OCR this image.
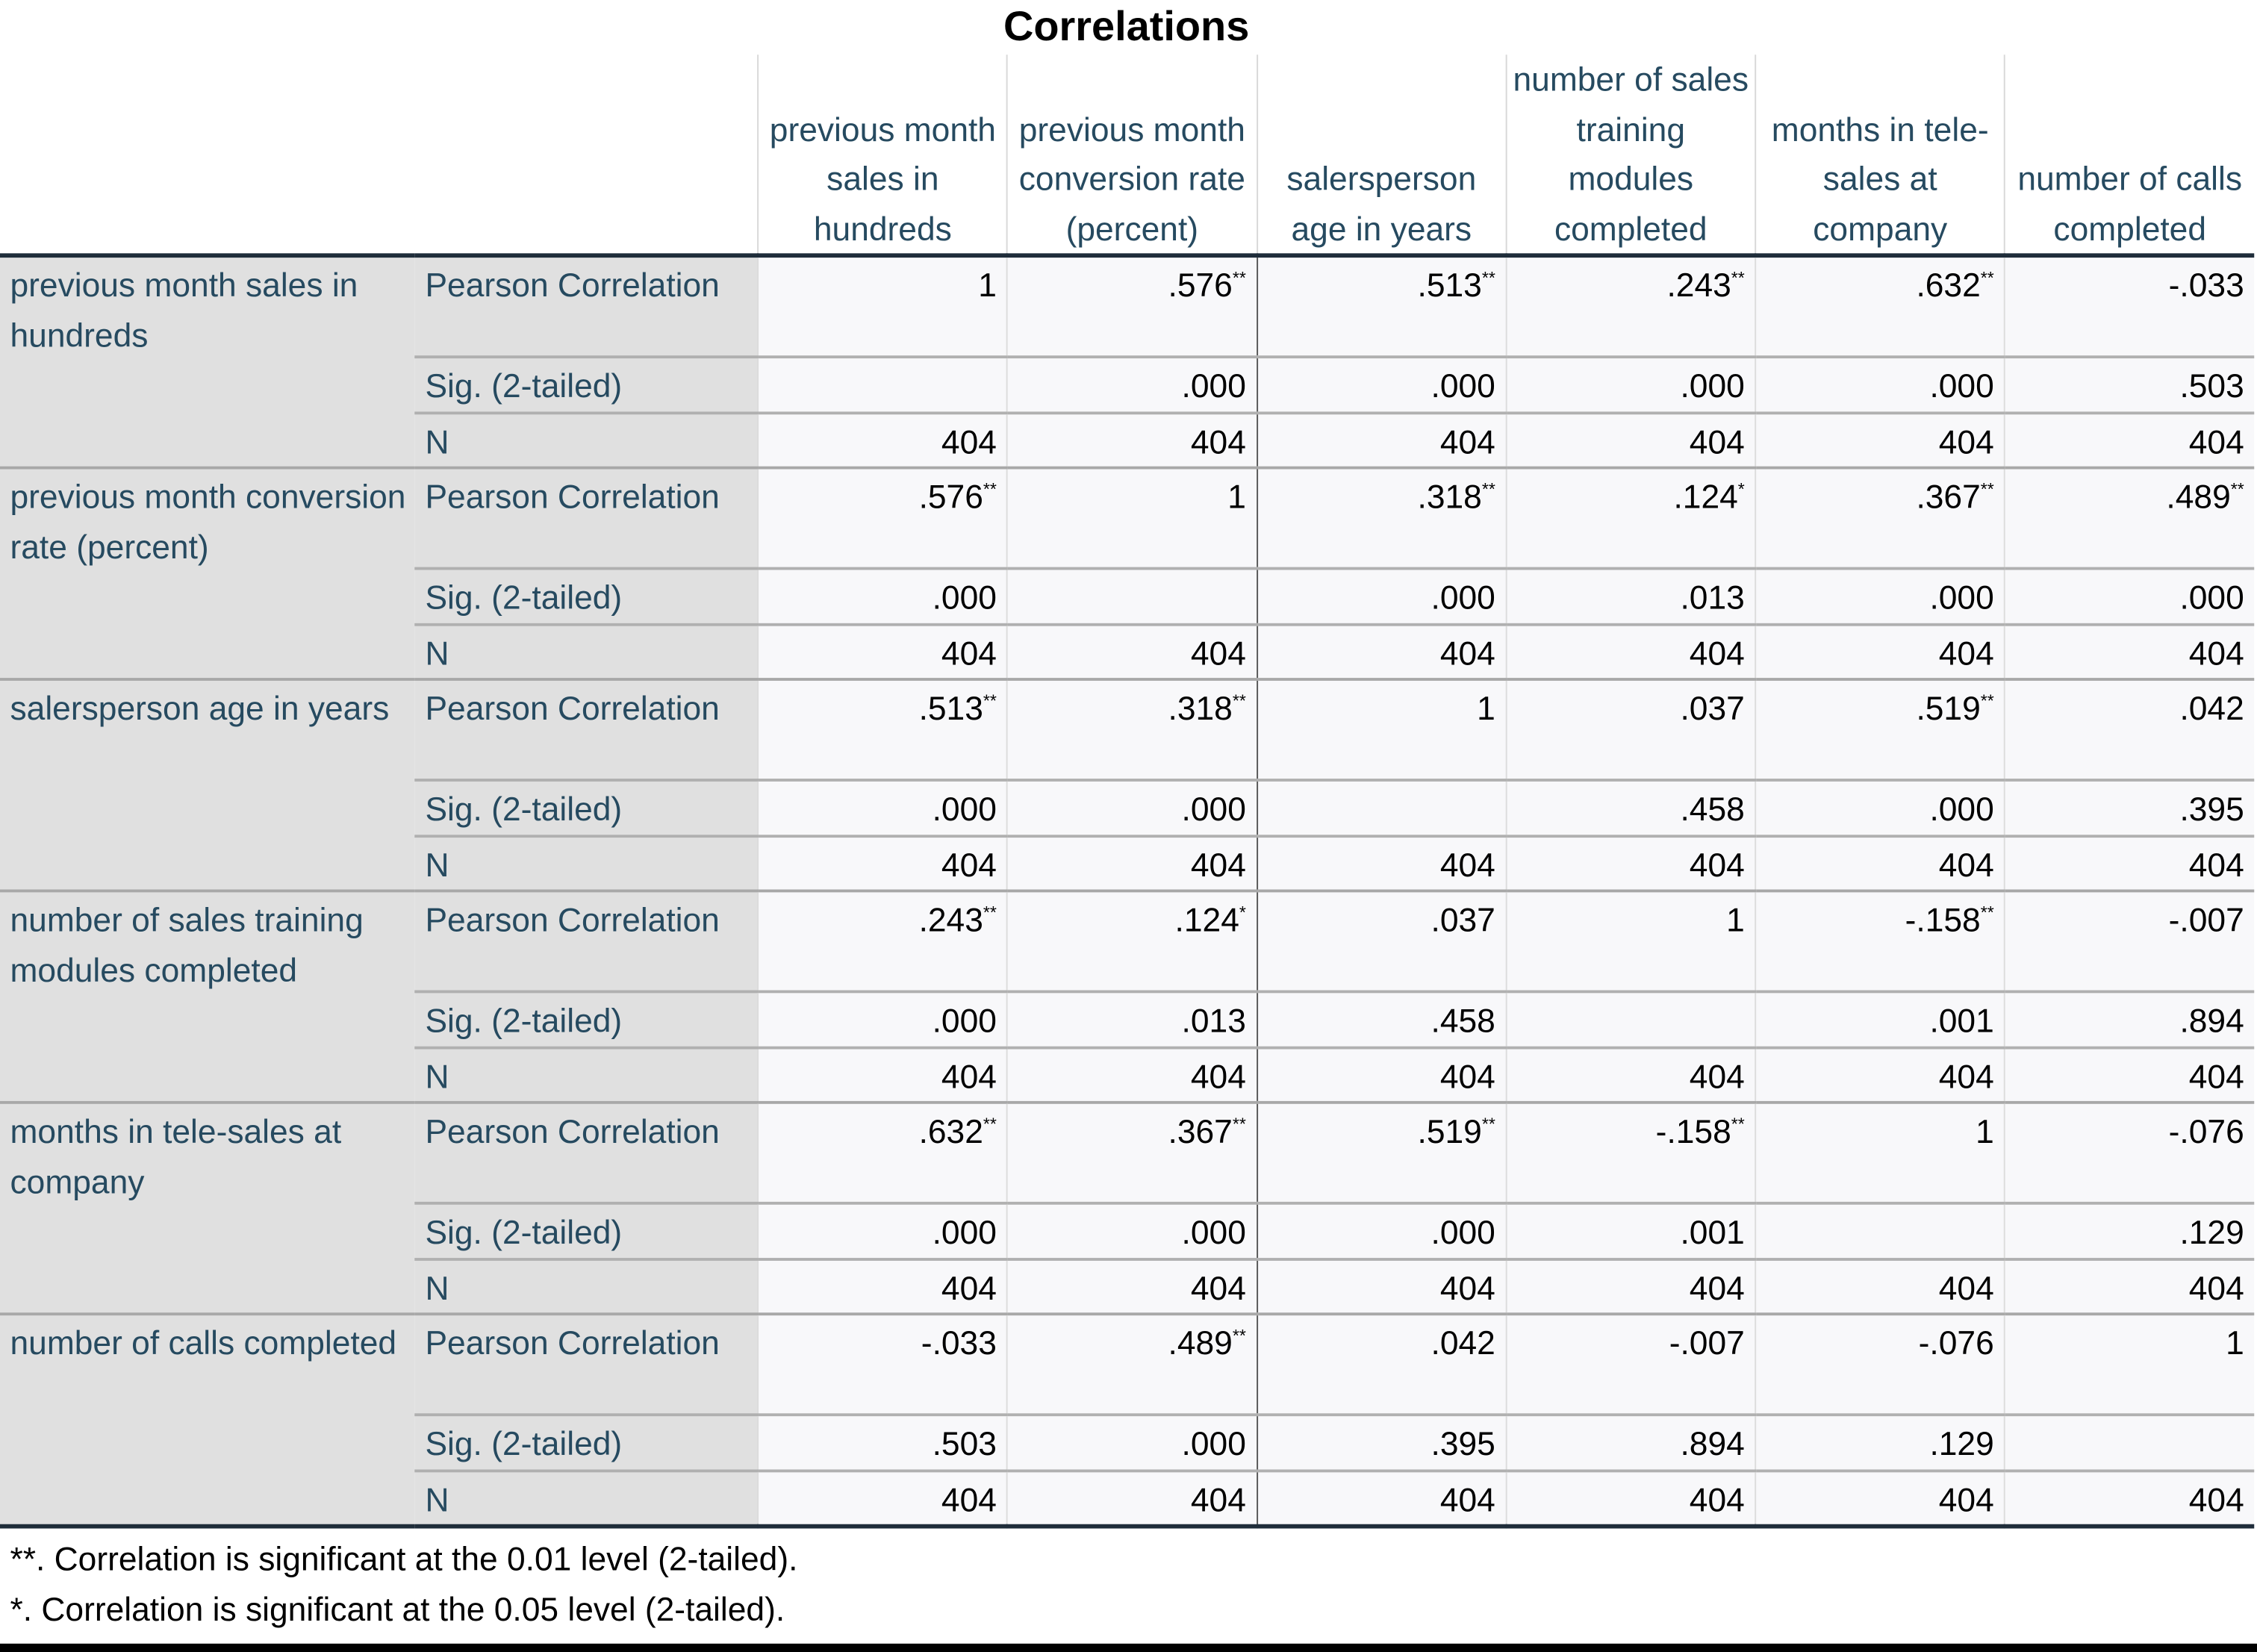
Correlations
		previous month sales in hundreds	previous month conversion rate (percent)	salersperson age in years	number of sales training modules completed	months in tele-sales at company	number of calls completed
previous month sales in hundreds	Pearson Correlation	1	.576**	.513**	.243**	.632**	-.033
	Sig. (2-tailed)		.000	.000	.000	.000	.503
	N	404	404	404	404	404	404
previous month conversion rate (percent)	Pearson Correlation	.576**	1	.318**	.124*	.367**	.489**
	Sig. (2-tailed)	.000		.000	.013	.000	.000
	N	404	404	404	404	404	404
salersperson age in years	Pearson Correlation	.513**	.318**	1	.037	.519**	.042
	Sig. (2-tailed)	.000	.000		.458	.000	.395
	N	404	404	404	404	404	404
number of sales training modules completed	Pearson Correlation	.243**	.124*	.037	1	-.158**	-.007
	Sig. (2-tailed)	.000	.013	.458		.001	.894
	N	404	404	404	404	404	404
months in tele-sales at company	Pearson Correlation	.632**	.367**	.519**	-.158**	1	-.076
	Sig. (2-tailed)	.000	.000	.000	.001		.129
	N	404	404	404	404	404	404
number of calls completed	Pearson Correlation	-.033	.489**	.042	-.007	-.076	1
	Sig. (2-tailed)	.503	.000	.395	.894	.129	
	N	404	404	404	404	404	404
**. Correlation is significant at the 0.01 level (2-tailed).
*. Correlation is significant at the 0.05 level (2-tailed).
